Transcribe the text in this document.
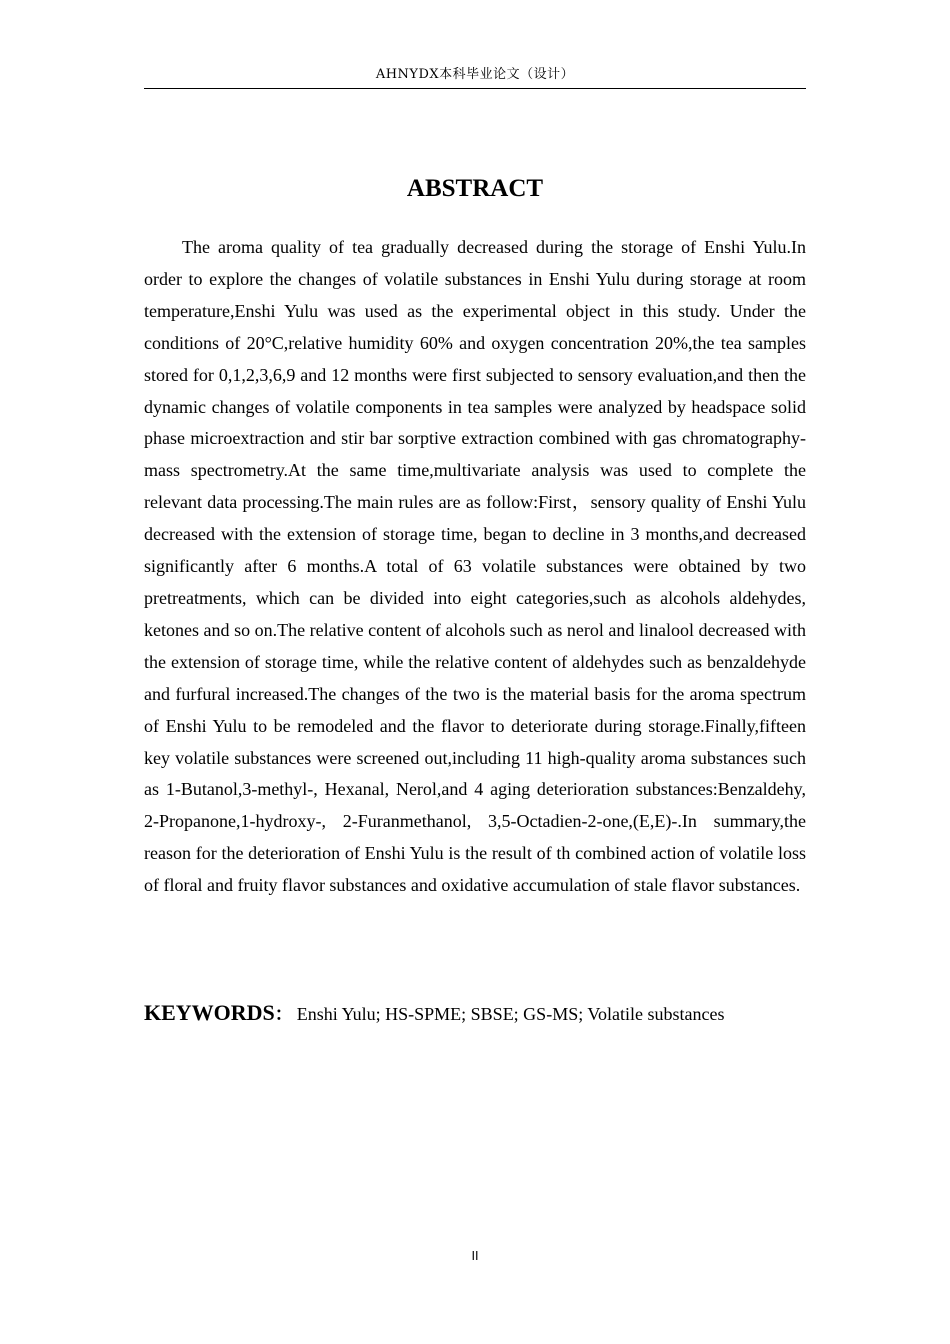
AHNYDX本科毕业论文（设计）
ABSTRACT

The aroma quality of tea gradually decreased during the storage of Enshi Yulu.In order to explore the changes of volatile substances in Enshi Yulu during storage at room temperature,Enshi Yulu was used as the experimental object in this study. Under the conditions of 20°C,relative humidity 60% and oxygen concentration 20%,the tea samples stored for 0,1,2,3,6,9 and 12 months were first subjected to sensory evaluation,and then the dynamic changes of volatile components in tea samples were analyzed by headspace solid phase microextraction and stir bar sorptive extraction combined with gas chromatography-mass spectrometry.At the same time,multivariate analysis was used to complete the relevant data processing.The main rules are as follow:First，sensory quality of Enshi Yulu decreased with the extension of storage time, began to decline in 3 months,and decreased significantly after 6 months.A total of 63 volatile substances were obtained by two pretreatments, which can be divided into eight categories,such as alcohols aldehydes, ketones and so on.The relative content of alcohols such as nerol and linalool decreased with the extension of storage time, while the relative content of aldehydes such as benzaldehyde and furfural increased.The changes of the two is the material basis for the aroma spectrum of Enshi Yulu to be remodeled and the flavor to deteriorate during storage.Finally,fifteen key volatile substances were screened out,including 11 high-quality aroma substances such as 1-Butanol,3-methyl-, Hexanal, Nerol,and 4 aging deterioration substances:Benzaldehy, 2-Propanone,1-hydroxy-, 2-Furanmethanol, 3,5-Octadien-2-one,(E,E)-.In summary,the reason for the deterioration of Enshi Yulu is the result of th combined action of volatile loss of floral and fruity flavor substances and oxidative accumulation of stale flavor substances.

KEYWORDS： Enshi Yulu; HS-SPME; SBSE; GS-MS; Volatile substances
II
